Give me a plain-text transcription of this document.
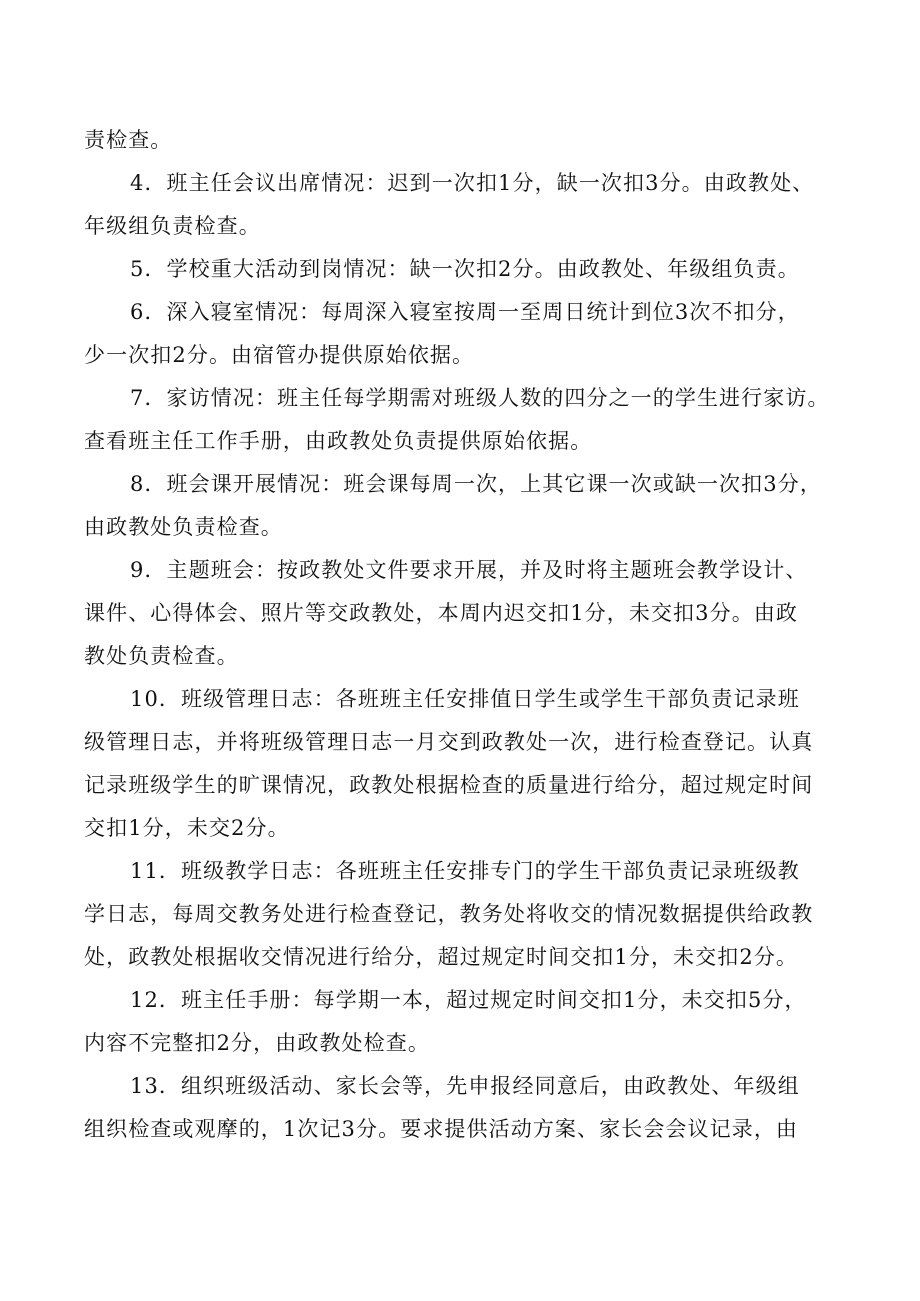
责检查。

4．班主任会议出席情况：迟到一次扣1分，缺一次扣3分。由政教处、
年级组负责检查。

5．学校重大活动到岗情况：缺一次扣2分。由政教处、年级组负责。

6．深入寝室情况：每周深入寝室按周一至周日统计到位3次不扣分，
少一次扣2分。由宿管办提供原始依据。

7．家访情况：班主任每学期需对班级人数的四分之一的学生进行家访。
查看班主任工作手册，由政教处负责提供原始依据。

8．班会课开展情况：班会课每周一次，上其它课一次或缺一次扣3分，
由政教处负责检查。

9．主题班会：按政教处文件要求开展，并及时将主题班会教学设计、
课件、心得体会、照片等交政教处，本周内迟交扣1分，未交扣3分。由政
教处负责检查。

10．班级管理日志：各班班主任安排值日学生或学生干部负责记录班
级管理日志，并将班级管理日志一月交到政教处一次，进行检查登记。认真
记录班级学生的旷课情况，政教处根据检查的质量进行给分，超过规定时间
交扣1分，未交2分。

11．班级教学日志：各班班主任安排专门的学生干部负责记录班级教
学日志，每周交教务处进行检查登记，教务处将收交的情况数据提供给政教
处，政教处根据收交情况进行给分，超过规定时间交扣1分，未交扣2分。

12．班主任手册：每学期一本，超过规定时间交扣1分，未交扣5分，
内容不完整扣2分，由政教处检查。

13．组织班级活动、家长会等，先申报经同意后，由政教处、年级组
组织检查或观摩的，1次记3分。要求提供活动方案、家长会会议记录，由
